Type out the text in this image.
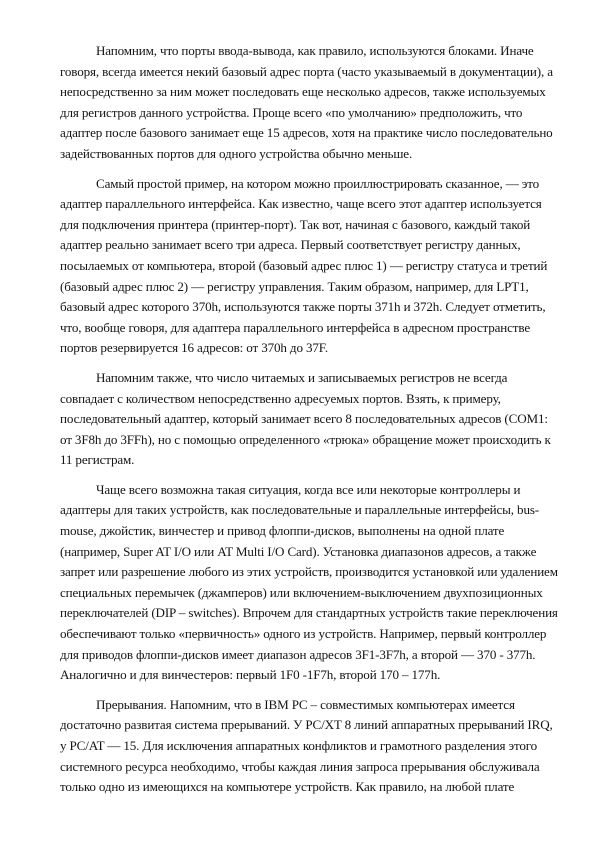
Напомним, что порты ввода-вывода, как правило, используются блоками. Иначе
говоря, всегда имеется некий базовый адрес порта (часто указываемый в документации), а
непосредственно за ним может последовать еще несколько адресов, также используемых
для регистров данного устройства. Проще всего «по умолчанию» предположить, что
адаптер после базового занимает еще 15 адресов, хотя на практике число последовательно
задействованных портов для одного устройства обычно меньше.
Самый простой пример, на котором можно проиллюстрировать сказанное, — это
адаптер параллельного интерфейса. Как известно, чаще всего этот адаптер используется
для подключения принтера (принтер-порт). Так вот, начиная с базового, каждый такой
адаптер реально занимает всего три адреса. Первый соответствует регистру данных,
посылаемых от компьютера, второй (базовый адрес плюс 1) — регистру статуса и третий
(базовый адрес плюс 2) — регистру управления. Таким образом, например, для LPT1,
базовый адрес которого 370h, используются также порты 371h и 372h. Следует отметить,
что, вообще говоря, для адаптера параллельного интерфейса в адресном пространстве
портов резервируется 16 адресов: от 370h до 37F.
Напомним также, что число читаемых и записываемых регистров не всегда
совпадает с количеством непосредственно адресуемых портов. Взять, к примеру,
последовательный адаптер, который занимает всего 8 последовательных адресов (COM1:
от 3F8h до 3FFh), но с помощью определенного «трюка» обращение может происходить к
11 регистрам.
Чаще всего возможна такая ситуация, когда все или некоторые контроллеры и
адаптеры для таких устройств, как последовательные и параллельные интерфейсы, bus-
mouse, джойстик, винчестер и привод флоппи-дисков, выполнены на одной плате
(например, Super AT I/O или AT Multi I/O Card). Установка диапазонов адресов, а также
запрет или разрешение любого из этих устройств, производится установкой или удалением
специальных перемычек (джамперов) или включением-выключением двухпозиционных
переключателей (DIP – switches). Впрочем для стандартных устройств такие переключения
обеспечивают только «первичность» одного из устройств. Например, первый контроллер
для приводов флоппи-дисков имеет диапазон адресов 3F1-3F7h, а второй — 370 - 377h.
Аналогично и для винчестеров: первый 1F0 -1F7h, второй 170 – 177h.
Прерывания. Напомним, что в IBM PC – совместимых компьютерах имеется
достаточно развитая система прерываний. У PC/XT 8 линий аппаратных прерываний IRQ,
у PC/AT — 15. Для исключения аппаратных конфликтов и грамотного разделения этого
системного ресурса необходимо, чтобы каждая линия запроса прерывания обслуживала
только одно из имеющихся на компьютере устройств. Как правило, на любой плате
